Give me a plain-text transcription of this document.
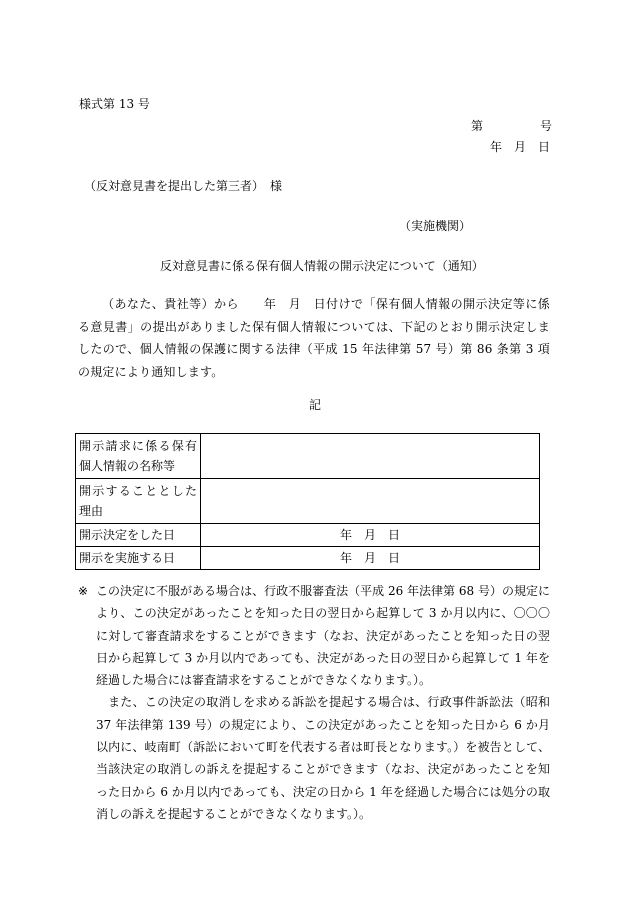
様式第 13 号
第	号
年　月　日
（反対意見書を提出した第三者）　様
（実施機関）
反対意見書に係る保有個人情報の開示決定について（通知）
（あなた、貴社等）から　　年　月　日付けで「保有個人情報の開示決定等に係る意見書」の提出がありました保有個人情報については、下記のとおり開示決定しましたので、個人情報の保護に関する法律（平成 15 年法律第 57 号）第 86 条第 3 項の規定により通知します。
記
開示請求に係る保有個人情報の名称等	
開示することとした理由	
開示決定をした日	年　月　日
開示を実施する日	年　月　日

※ この決定に不服がある場合は、行政不服審査法（平成 26 年法律第 68 号）の規定により、この決定があったことを知った日の翌日から起算して 3 か月以内に、〇〇〇に対して審査請求をすることができます（なお、決定があったことを知った日の翌日から起算して 3 か月以内であっても、決定があった日の翌日から起算して 1 年を経過した場合には審査請求をすることができなくなります。）。

また、この決定の取消しを求める訴訟を提起する場合は、行政事件訴訟法（昭和 37 年法律第 139 号）の規定により、この決定があったことを知った日から 6 か月以内に、岐南町（訴訟において町を代表する者は町長となります。）を被告として、当該決定の取消しの訴えを提起することができます（なお、決定があったことを知った日から 6 か月以内であっても、決定の日から 1 年を経過した場合には処分の取消しの訴えを提起することができなくなります。）。
